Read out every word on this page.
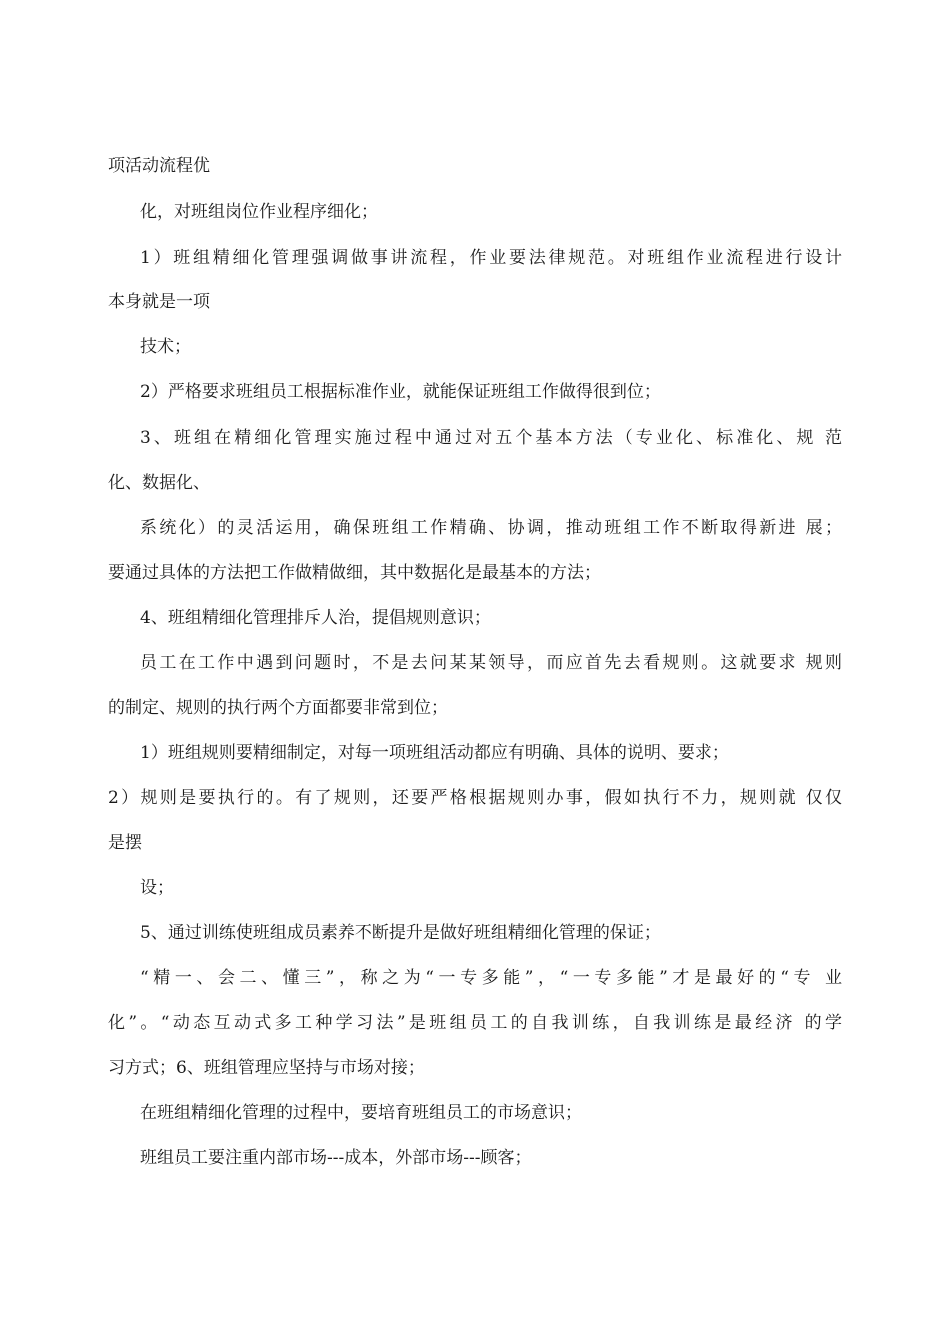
项活动流程优
化，对班组岗位作业程序细化；
1）班组精细化管理强调做事讲流程，作业要法律规范。对班组作业流程进行设计
本身就是一项
技术；
2）严格要求班组员工根据标准作业，就能保证班组工作做得很到位；
3、班组在精细化管理实施过程中通过对五个基本方法（专业化、标准化、规 范
化、数据化、
系统化）的灵活运用，确保班组工作精确、协调，推动班组工作不断取得新进 展；
要通过具体的方法把工作做精做细，其中数据化是最基本的方法；
4、班组精细化管理排斥人治，提倡规则意识；
员工在工作中遇到问题时，不是去问某某领导，而应首先去看规则。这就要求 规则
的制定、规则的执行两个方面都要非常到位；
1）班组规则要精细制定，对每一项班组活动都应有明确、具体的说明、要求；
2）规则是要执行的。有了规则，还要严格根据规则办事，假如执行不力，规则就 仅仅
是摆
设；
5、通过训练使班组成员素养不断提升是做好班组精细化管理的保证；
“精一、会二、懂三”，称之为“一专多能”，“一专多能”才是最好的“专 业
化”。“动态互动式多工种学习法”是班组员工的自我训练，自我训练是最经济 的学
习方式；6、班组管理应坚持与市场对接；
在班组精细化管理的过程中，要培育班组员工的市场意识；
班组员工要注重内部市场---成本，外部市场---顾客；
